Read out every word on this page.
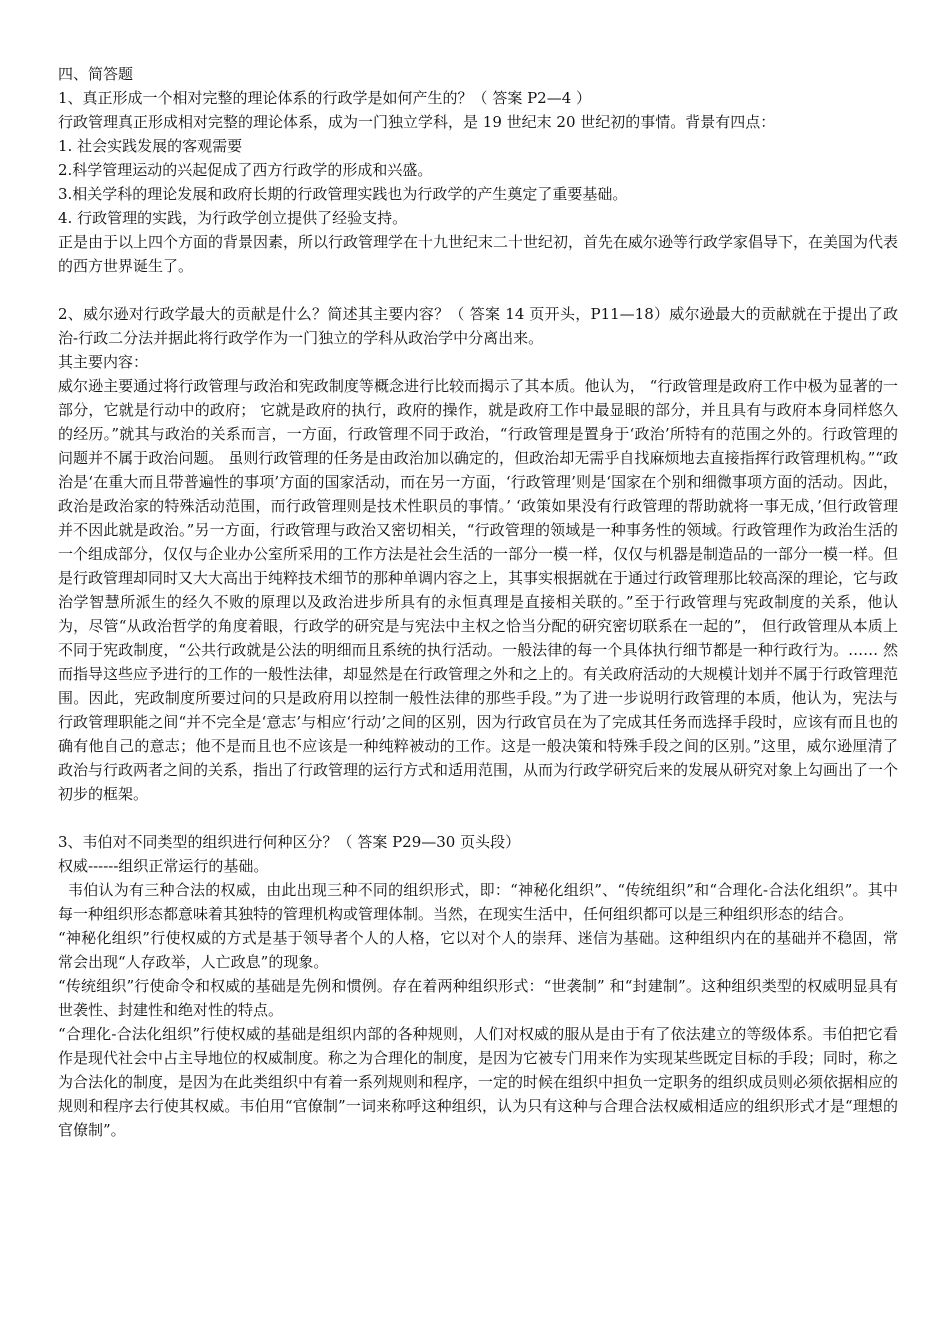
四、简答题

1、真正形成一个相对完整的理论体系的行政学是如何产生的？（ 答案 P2—4 ）

行政管理真正形成相对完整的理论体系，成为一门独立学科，是 19 世纪末 20 世纪初的事情。背景有四点：

1. 社会实践发展的客观需要

2.科学管理运动的兴起促成了西方行政学的形成和兴盛。

3.相关学科的理论发展和政府长期的行政管理实践也为行政学的产生奠定了重要基础。

4. 行政管理的实践，为行政学创立提供了经验支持。

正是由于以上四个方面的背景因素，所以行政管理学在十九世纪末二十世纪初，首先在威尔逊等行政学家倡导下，在美国为代表的西方世界诞生了。

2、威尔逊对行政学最大的贡献是什么？简述其主要内容？（ 答案 14 页开头，P11—18）威尔逊最大的贡献就在于提出了政治-行政二分法并据此将行政学作为一门独立的学科从政治学中分离出来。

其主要内容：

威尔逊主要通过将行政管理与政治和宪政制度等概念进行比较而揭示了其本质。他认为， “行政管理是政府工作中极为显著的一部分，它就是行动中的政府； 它就是政府的执行，政府的操作，就是政府工作中最显眼的部分，并且具有与政府本身同样悠久的经历。”就其与政治的关系而言，一方面，行政管理不同于政治，“行政管理是置身于‘政治’所特有的范围之外的。行政管理的问题并不属于政治问题。 虽则行政管理的任务是由政治加以确定的，但政治却无需乎自找麻烦地去直接指挥行政管理机构。”“政治是‘在重大而且带普遍性的事项’方面的国家活动，而在另一方面，‘行政管理’则是‘国家在个别和细微事项方面的活动。因此，政治是政治家的特殊活动范围，而行政管理则是技术性职员的事情。’ ‘政策如果没有行政管理的帮助就将一事无成，’但行政管理并不因此就是政治。”另一方面，行政管理与政治又密切相关，“行政管理的领域是一种事务性的领域。行政管理作为政治生活的一个组成部分，仅仅与企业办公室所采用的工作方法是社会生活的一部分一模一样，仅仅与机器是制造品的一部分一模一样。但是行政管理却同时又大大高出于纯粹技术细节的那种单调内容之上，其事实根据就在于通过行政管理那比较高深的理论，它与政治学智慧所派生的经久不败的原理以及政治进步所具有的永恒真理是直接相关联的。”至于行政管理与宪政制度的关系，他认为，尽管“从政治哲学的角度着眼，行政学的研究是与宪法中主权之恰当分配的研究密切联系在一起的”， 但行政管理从本质上不同于宪政制度，“公共行政就是公法的明细而且系统的执行活动。一般法律的每一个具体执行细节都是一种行政行为。…… 然而指导这些应予进行的工作的一般性法律，却显然是在行政管理之外和之上的。有关政府活动的大规模计划并不属于行政管理范围。因此，宪政制度所要过问的只是政府用以控制一般性法律的那些手段。”为了进一步说明行政管理的本质，他认为，宪法与行政管理职能之间“并不完全是‘意志’与相应‘行动’之间的区别，因为行政官员在为了完成其任务而选择手段时，应该有而且也的确有他自己的意志；他不是而且也不应该是一种纯粹被动的工作。这是一般决策和特殊手段之间的区别。”这里，威尔逊厘清了政治与行政两者之间的关系，指出了行政管理的运行方式和适用范围，从而为行政学研究后来的发展从研究对象上勾画出了一个初步的框架。

3、韦伯对不同类型的组织进行何种区分？（ 答案 P29—30 页头段）

权威------组织正常运行的基础。

韦伯认为有三种合法的权威，由此出现三种不同的组织形式，即：“神秘化组织”、“传统组织”和“合理化-合法化组织”。其中每一种组织形态都意味着其独特的管理机构或管理体制。当然，在现实生活中，任何组织都可以是三种组织形态的结合。

“神秘化组织”行使权威的方式是基于领导者个人的人格，它以对个人的崇拜、迷信为基础。这种组织内在的基础并不稳固，常常会出现“人存政举，人亡政息”的现象。

“传统组织”行使命令和权威的基础是先例和惯例。存在着两种组织形式：“世袭制” 和“封建制”。这种组织类型的权威明显具有世袭性、封建性和绝对性的特点。

“合理化-合法化组织”行使权威的基础是组织内部的各种规则，人们对权威的服从是由于有了依法建立的等级体系。韦伯把它看作是现代社会中占主导地位的权威制度。称之为合理化的制度，是因为它被专门用来作为实现某些既定目标的手段；同时，称之为合法化的制度，是因为在此类组织中有着一系列规则和程序，一定的时候在组织中担负一定职务的组织成员则必须依据相应的规则和程序去行使其权威。韦伯用“官僚制”一词来称呼这种组织，认为只有这种与合理合法权威相适应的组织形式才是“理想的官僚制”。
